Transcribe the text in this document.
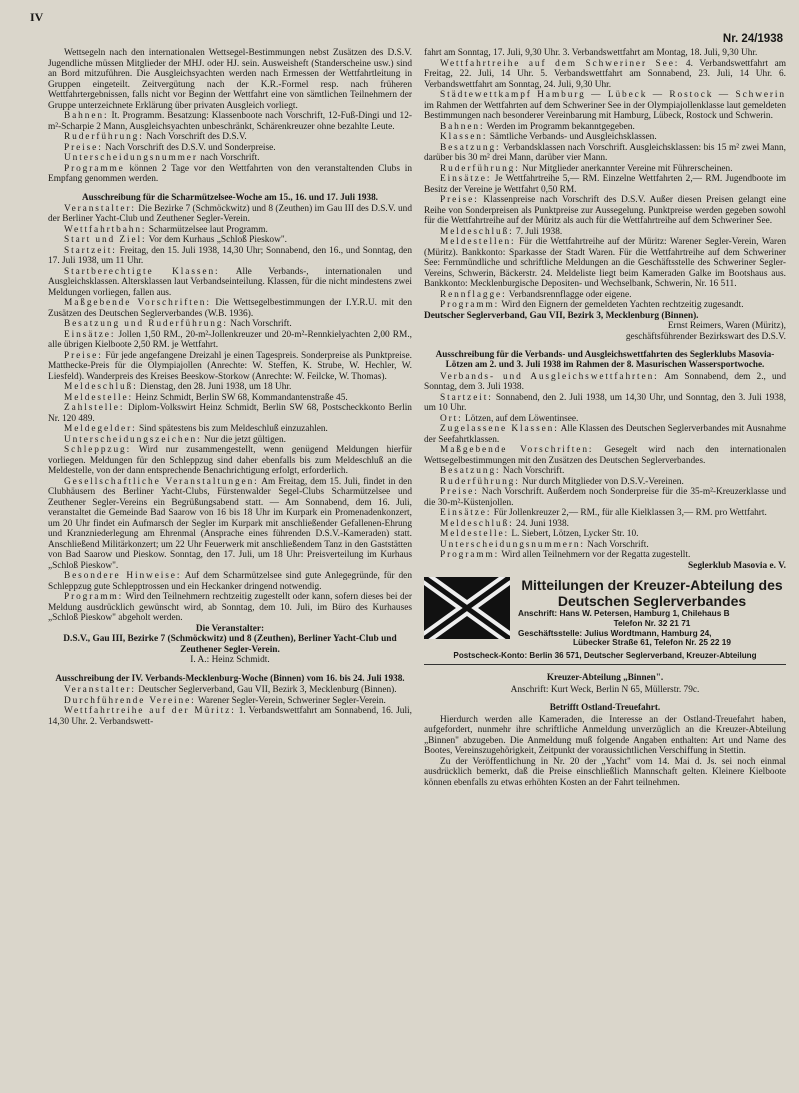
IV
Nr. 24/1938
Wettsegeln nach den internationalen Wettsegel-Bestimmungen nebst Zusätzen des D.S.V. Jugendliche müssen Mitglieder der MHJ. oder HJ. sein. Ausweisheft (Standerscheine usw.) sind an Bord mitzuführen. Die Ausgleichsyachten werden nach Ermessen der Wettfahrtleitung in Gruppen eingeteilt. Zeitvergütung nach der K.R.-Formel resp. nach früheren Wettfahrtergebnissen, falls nicht vor Beginn der Wettfahrt eine von sämtlichen Teilnehmern der Gruppe unterzeichnete Erklärung über privaten Ausgleich vorliegt.
Bahnen: It. Programm. Besatzung: Klassenboote nach Vorschrift, 12-Fuß-Dingi und 12-m²-Scharpie 2 Mann, Ausgleichsyachten unbeschränkt, Schärenkreuzer ohne bezahlte Leute.
Ruderführung: Nach Vorschrift des D.S.V.
Preise: Nach Vorschrift des D.S.V. und Sonderpreise.
Unterscheidungsnummer nach Vorschrift.
Programme können 2 Tage vor den Wettfahrten von den veranstaltenden Clubs in Empfang genommen werden.
Ausschreibung für die Scharmützelsee-Woche am 15., 16. und 17. Juli 1938.
Veranstalter: Die Bezirke 7 (Schmöckwitz) und 8 (Zeuthen) im Gau III des D.S.V. und der Berliner Yacht-Club und Zeuthener Segler-Verein.
Wettfahrtbahn: Scharmützelsee laut Programm.
Start und Ziel: Vor dem Kurhaus „Schloß Pieskow".
Startzeit: Freitag, den 15. Juli 1938, 14,30 Uhr; Sonnabend, den 16., und Sonntag, den 17. Juli 1938, um 11 Uhr.
Startberechtigte Klassen: Alle Verbands-, internationalen und Ausgleichsklassen. Altersklassen laut Verbandseinteilung. Klassen, für die nicht mindestens zwei Meldungen vorliegen, fallen aus.
Maßgebende Vorschriften: Die Wettsegelbestimmungen der I.Y.R.U. mit den Zusätzen des Deutschen Seglerverbandes (W.B. 1936).
Besatzung und Ruderführung: Nach Vorschrift.
Einsätze: Jollen 1,50 RM., 20-m²-Jollenkreuzer und 20-m²-Rennkielyachten 2,00 RM., alle übrigen Kielboote 2,50 RM. je Wettfahrt.
Preise: Für jede angefangene Dreizahl je einen Tagespreis. Sonderpreise als Punktpreise. Matthecke-Preis für die Olympiajollen (Anrechte: W. Steffen, K. Strube, W. Hechler, W. Liesfeld). Wanderpreis des Kreises Beeskow-Storkow (Anrechte: W. Feilcke, W. Thomas).
Meldeschluß: Dienstag, den 28. Juni 1938, um 18 Uhr.
Meldestelle: Heinz Schmidt, Berlin SW 68, Kommandantenstraße 45.
Zahlstelle: Diplom-Volkswirt Heinz Schmidt, Berlin SW 68, Postscheckkonto Berlin Nr. 120 489.
Meldegelder: Sind spätestens bis zum Meldeschluß einzuzahlen.
Unterscheidungszeichen: Nur die jetzt gültigen.
Schleppzug: Wird nur zusammengestellt, wenn genügend Meldungen hierfür vorliegen. Meldungen für den Schleppzug sind daher ebenfalls bis zum Meldeschluß an die Meldestelle, von der dann entsprechende Benachrichtigung erfolgt, erforderlich.
Gesellschaftliche Veranstaltungen: Am Freitag, dem 15. Juli, findet in den Clubhäusern des Berliner Yacht-Clubs, Fürstenwalder Segel-Clubs Scharmützelsee und Zeuthener Segler-Vereins ein Begrüßungsabend statt. — Am Sonnabend, dem 16. Juli, veranstaltet die Gemeinde Bad Saarow von 16 bis 18 Uhr im Kurpark ein Promenadenkonzert, um 20 Uhr findet ein Aufmarsch der Segler im Kurpark mit anschließender Gefallenen-Ehrung und Kranzniederlegung am Ehrenmal (Ansprache eines führenden D.S.V.-Kameraden) statt. Anschließend Militärkonzert; um 22 Uhr Feuerwerk mit anschließendem Tanz in den Gaststätten von Bad Saarow und Pieskow. Sonntag, den 17. Juli, um 18 Uhr: Preisverteilung im Kurhaus „Schloß Pieskow".
Besondere Hinweise: Auf dem Scharmützelsee sind gute Anlegegründe, für den Schleppzug gute Schlepptrossen und ein Heckanker dringend notwendig.
Programm: Wird den Teilnehmern rechtzeitig zugestellt oder kann, sofern dieses bei der Meldung ausdrücklich gewünscht wird, ab Sonntag, dem 10. Juli, im Büro des Kurhauses „Schloß Pieskow" abgeholt werden.
Die Veranstalter:
D.S.V., Gau III, Bezirke 7 (Schmöckwitz) und 8 (Zeuthen), Berliner Yacht-Club und Zeuthener Segler-Verein.
I. A.: Heinz Schmidt.
Ausschreibung der IV. Verbands-Mecklenburg-Woche (Binnen) vom 16. bis 24. Juli 1938.
Veranstalter: Deutscher Seglerverband, Gau VII, Bezirk 3, Mecklenburg (Binnen).
Durchführende Vereine: Warener Segler-Verein, Schweriner Segler-Verein.
Wettfahrtreihe auf der Müritz: 1. Verbandswettfahrt am Sonnabend, 16. Juli, 14,30 Uhr. 2. Verbandswett-
fahrt am Sonntag, 17. Juli, 9,30 Uhr. 3. Verbandswettfahrt am Montag, 18. Juli, 9,30 Uhr.
Wettfahrtreihe auf dem Schweriner See: 4. Verbandswettfahrt am Freitag, 22. Juli, 14 Uhr. 5. Verbandswettfahrt am Sonnabend, 23. Juli, 14 Uhr. 6. Verbandswettfahrt am Sonntag, 24. Juli, 9,30 Uhr.
Städtewettkampf Hamburg — Lübeck — Rostock — Schwerin im Rahmen der Wettfahrten auf dem Schweriner See in der Olympiajollenklasse laut gemeldeten Bestimmungen nach besonderer Vereinbarung mit Hamburg, Lübeck, Rostock und Schwerin.
Bahnen: Werden im Programm bekanntgegeben.
Klassen: Sämtliche Verbands- und Ausgleichsklassen.
Besatzung: Verbandsklassen nach Vorschrift. Ausgleichsklassen: bis 15 m² zwei Mann, darüber bis 30 m² drei Mann, darüber vier Mann.
Ruderführung: Nur Mitglieder anerkannter Vereine mit Führerscheinen.
Einsätze: Je Wettfahrtreihe 5,— RM. Einzelne Wettfahrten 2,— RM. Jugendboote im Besitz der Vereine je Wettfahrt 0,50 RM.
Preise: Klassenpreise nach Vorschrift des D.S.V. Außer diesen Preisen gelangt eine Reihe von Sonderpreisen als Punktpreise zur Aussegelung. Punktpreise werden gegeben sowohl für die Wettfahrtreihe auf der Müritz als auch für die Wettfahrtreihe auf dem Schweriner See.
Meldeschluß: 7. Juli 1938.
Meldestellen: Für die Wettfahrtreihe auf der Müritz: Warener Segler-Verein, Waren (Müritz). Bankkonto: Sparkasse der Stadt Waren. Für die Wettfahrtreihe auf dem Schweriner See: Fernmündliche und schriftliche Meldungen an die Geschäftsstelle des Schweriner Segler-Vereins, Schwerin, Bäckerstr. 24. Meldeliste liegt beim Kameraden Galke im Bootshaus aus. Bankkonto: Mecklenburgische Depositen- und Wechselbank, Schwerin, Nr. 16 511.
Rennflagge: Verbandsrennflagge oder eigene.
Programm: Wird den Eignern der gemeldeten Yachten rechtzeitig zugesandt.
Deutscher Seglerverband, Gau VII, Bezirk 3, Mecklenburg (Binnen).
Ernst Reimers, Waren (Müritz),
geschäftsführender Bezirkswart des D.S.V.
Ausschreibung für die Verbands- und Ausgleichswettfahrten des Seglerklubs Masovia-Lötzen am 2. und 3. Juli 1938 im Rahmen der 8. Masurischen Wassersportwoche.
Verbands- und Ausgleichswettfahrten: Am Sonnabend, dem 2., und Sonntag, dem 3. Juli 1938.
Startzeit: Sonnabend, den 2. Juli 1938, um 14,30 Uhr, und Sonntag, den 3. Juli 1938, um 10 Uhr.
Ort: Lötzen, auf dem Löwentinsee.
Zugelassene Klassen: Alle Klassen des Deutschen Seglerverbandes mit Ausnahme der Seefahrtklassen.
Maßgebende Vorschriften: Gesegelt wird nach den internationalen Wettsegelbestimmungen mit den Zusätzen des Deutschen Seglerverbandes.
Besatzung: Nach Vorschrift.
Ruderführung: Nur durch Mitglieder von D.S.V.-Vereinen.
Preise: Nach Vorschrift. Außerdem noch Sonderpreise für die 35-m²-Kreuzerklasse und die 30-m²-Küstenjollen.
Einsätze: Für Jollenkreuzer 2,— RM., für alle Kielklassen 3,— RM. pro Wettfahrt.
Meldeschluß: 24. Juni 1938.
Meldestelle: L. Siebert, Lötzen, Lycker Str. 10.
Unterscheidungsnummern: Nach Vorschrift.
Programm: Wird allen Teilnehmern vor der Regatta zugestellt.
Seglerklub Masovia e. V.
Mitteilungen der Kreuzer-Abteilung des Deutschen Seglerverbandes
Anschrift: Hans W. Petersen, Hamburg 1, Chilehaus B
Telefon Nr. 32 21 71
Geschäftsstelle: Julius Wordtmann, Hamburg 24,
Lübecker Straße 61, Telefon Nr. 25 22 19
Postscheck-Konto: Berlin 36 571, Deutscher Seglerverband, Kreuzer-Abteilung
Kreuzer-Abteilung „Binnen".
Anschrift: Kurt Weck, Berlin N 65, Müllerstr. 79c.
Betrifft Ostland-Treuefahrt.
Hierdurch werden alle Kameraden, die Interesse an der Ostland-Treuefahrt haben, aufgefordert, nunmehr ihre schriftliche Anmeldung unverzüglich an die Kreuzer-Abteilung „Binnen" abzugeben. Die Anmeldung muß folgende Angaben enthalten: Art und Name des Bootes, Vereinszugehörigkeit, Zeitpunkt der voraussichtlichen Verschiffung in Stettin.
Zu der Veröffentlichung in Nr. 20 der „Yacht" vom 14. Mai d. Js. sei noch einmal ausdrücklich bemerkt, daß die Preise einschließlich Mannschaft gelten. Kleinere Kielboote können ebenfalls zu etwas erhöhten Kosten an der Fahrt teilnehmen.
